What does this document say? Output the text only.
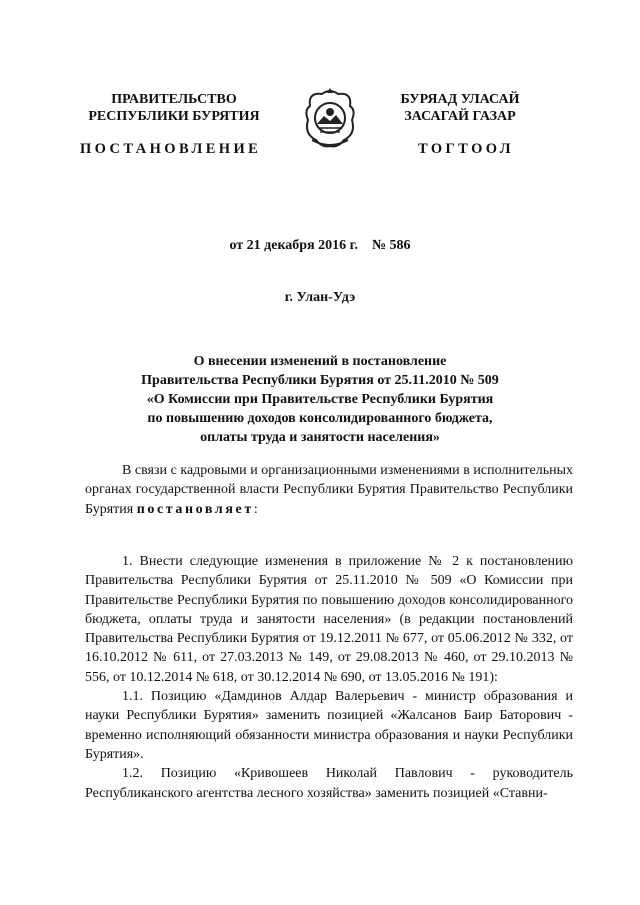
ПРАВИТЕЛЬСТВО
РЕСПУБЛИКИ БУРЯТИЯ
БУРЯАД УЛАСАЙ
ЗАСАГАЙ ГАЗАР
ПОСТАНОВЛЕНИЕ	ТОГТООЛ
от 21 декабря 2016 г. № 586
г. Улан-Удэ
О внесении изменений в постановление
Правительства Республики Бурятия от 25.11.2010 № 509
«О Комиссии при Правительстве Республики Бурятия
по повышению доходов консолидированного бюджета,
оплаты труда и занятости населения»

В связи с кадровыми и организационными изменениями в исполнительных органах государственной власти Республики Бурятия Правительство Республики Бурятия постановляет:

1. Внести следующие изменения в приложение № 2 к постановлению Правительства Республики Бурятия от 25.11.2010 № 509 «О Комиссии при Правительстве Республики Бурятия по повышению доходов консолидированного бюджета, оплаты труда и занятости населения» (в редакции постановлений Правительства Республики Бурятия от 19.12.2011 № 677, от 05.06.2012 № 332, от 16.10.2012 № 611, от 27.03.2013 № 149, от 29.08.2013 № 460, от 29.10.2013 № 556, от 10.12.2014 № 618, от 30.12.2014 № 690, от 13.05.2016 № 191):

1.1. Позицию «Дамдинов Алдар Валерьевич - министр образования и науки Республики Бурятия» заменить позицией «Жалсанов Баир Баторович - временно исполняющий обязанности министра образования и науки Республики Бурятия».

1.2. Позицию «Кривошеев Николай Павлович - руководитель Республиканского агентства лесного хозяйства» заменить позицией «Ставни-
